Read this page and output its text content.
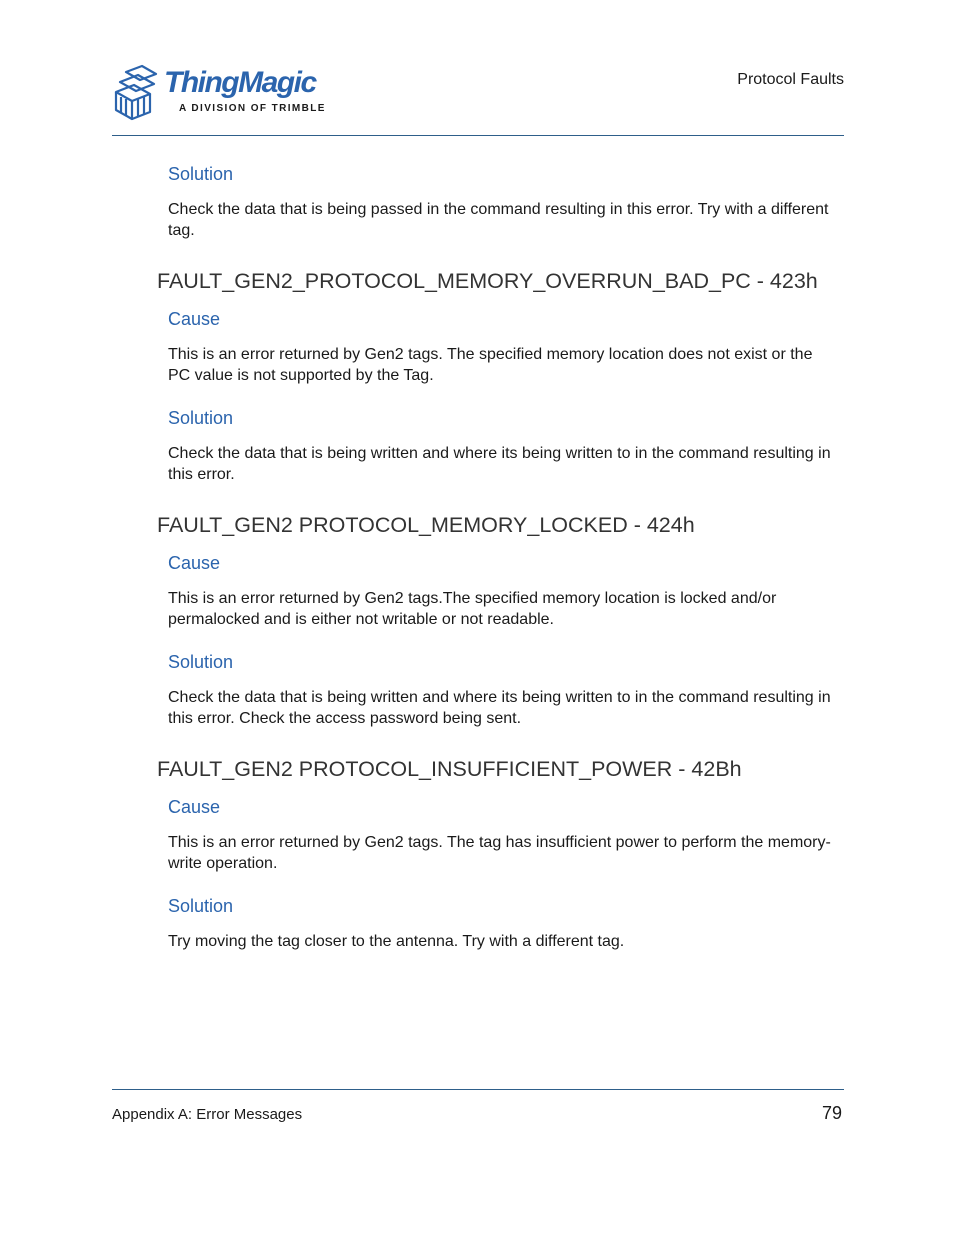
ThingMagic
A DIVISION OF TRIMBLE
Protocol Faults
Solution

Check the data that is being passed in the command resulting in this error. Try with a different tag.

FAULT_GEN2_PROTOCOL_MEMORY_OVERRUN_BAD_PC - 423h
Cause

This is an error returned by Gen2 tags. The specified memory location does not exist or the PC value is not supported by the Tag.

Solution

Check the data that is being written and where its being written to in the command resulting in this error.

FAULT_GEN2 PROTOCOL_MEMORY_LOCKED - 424h
Cause

This is an error returned by Gen2 tags.The specified memory location is locked and/or permalocked and is either not writable or not readable.

Solution

Check the data that is being written and where its being written to in the command resulting in this error. Check the access password being sent.

FAULT_GEN2 PROTOCOL_INSUFFICIENT_POWER - 42Bh
Cause

This is an error returned by Gen2 tags. The tag has insufficient power to perform the memory-write operation.

Solution

Try moving the tag closer to the antenna. Try with a different tag.

Appendix A: Error Messages	79
